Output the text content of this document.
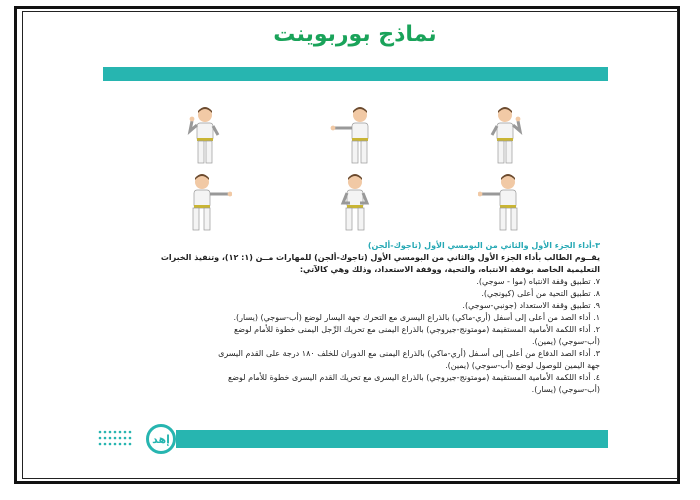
نماذج بوربوينت

٣-أداء الجزء الأول والثاني من البومسي الأول (تاجوك-ألجن)

يقــوم الطالب بأداء الجزء الأول والثاني من البومسي الأول (تاجوك-ألجن) للمهارات مــن (١: ١٢)، وتنفيذ الخبرات

التعليمية الخاصة بوقفة الانتباه، والتحية، ووقفة الاستعداد، وذلك وهي كالآتي:

٧. تطبيق وقفة الانتباه (موا - سوجي).

٨. تطبيق التحية من أعلى (كيونجي).

٩. تطبيق وقفة الاستعداد (جونبي-سوجي).

١. أداء الصد من أعلى إلى أسفل (أري-ماكي) بالذراع اليسرى مع التحرك جهة اليسار لوضع (أب-سوجي) (يسار).

٢. أداء اللكمة الأمامية المستقيمة (مومتونج-جيروجي) بالذراع اليمنى مع تحريك الرِّجل اليمنى خطوة للأمام لوضع

(أب-سوجي) (يمين).

٣. أداء الصد الدفاع من أعلى إلى أسـفل (أري-ماكي) بالذراع اليمنى مع الدوران للخلف ١٨٠ درجة على القدم اليسرى

جهة اليمين للوصول لوضع (أب-سوجي) (يمين).

٤. أداء اللكمة الأمامية المستقيمة (مومتونج-جيروجي) بالذراع اليسرى مع تحريك القدم اليسرى خطوة للأمام لوضع

(أب-سوجي) (يسار).

ﺇﻫﺪ
